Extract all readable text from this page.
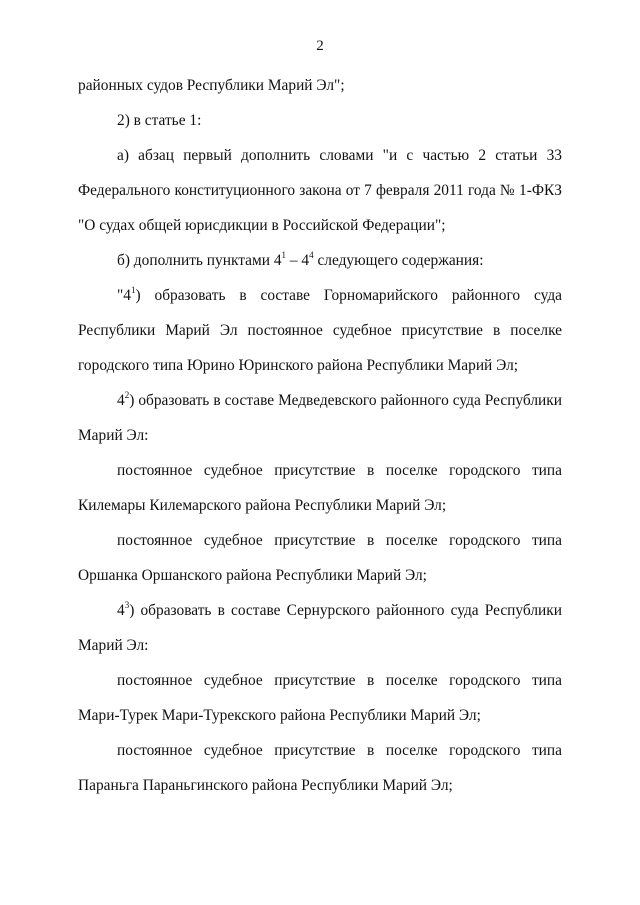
2
районных судов Республики Марий Эл";
2) в статье 1:
а) абзац первый дополнить словами "и с частью 2 статьи 33
Федерального конституционного закона от 7 февраля 2011 года № 1-ФКЗ
"О судах общей юрисдикции в Российской Федерации";
б) дополнить пунктами $4^1 - 4^4$ следующего содержания:
"$4^1$) образовать в составе Горномарийского районного суда
Республики Марий Эл постоянное судебное присутствие в поселке
городского типа Юрино Юринского района Республики Марий Эл;
$4^2$) образовать в составе Медведевского районного суда Республики
Марий Эл:
постоянное судебное присутствие в поселке городского типа
Килемары Килемарского района Республики Марий Эл;
постоянное судебное присутствие в поселке городского типа
Оршанка Оршанского района Республики Марий Эл;
$4^3$) образовать в составе Сернурского районного суда Республики
Марий Эл:
постоянное судебное присутствие в поселке городского типа
Мари-Турек Мари-Турекского района Республики Марий Эл;
постоянное судебное присутствие в поселке городского типа
Параньга Параньгинского района Республики Марий Эл;
